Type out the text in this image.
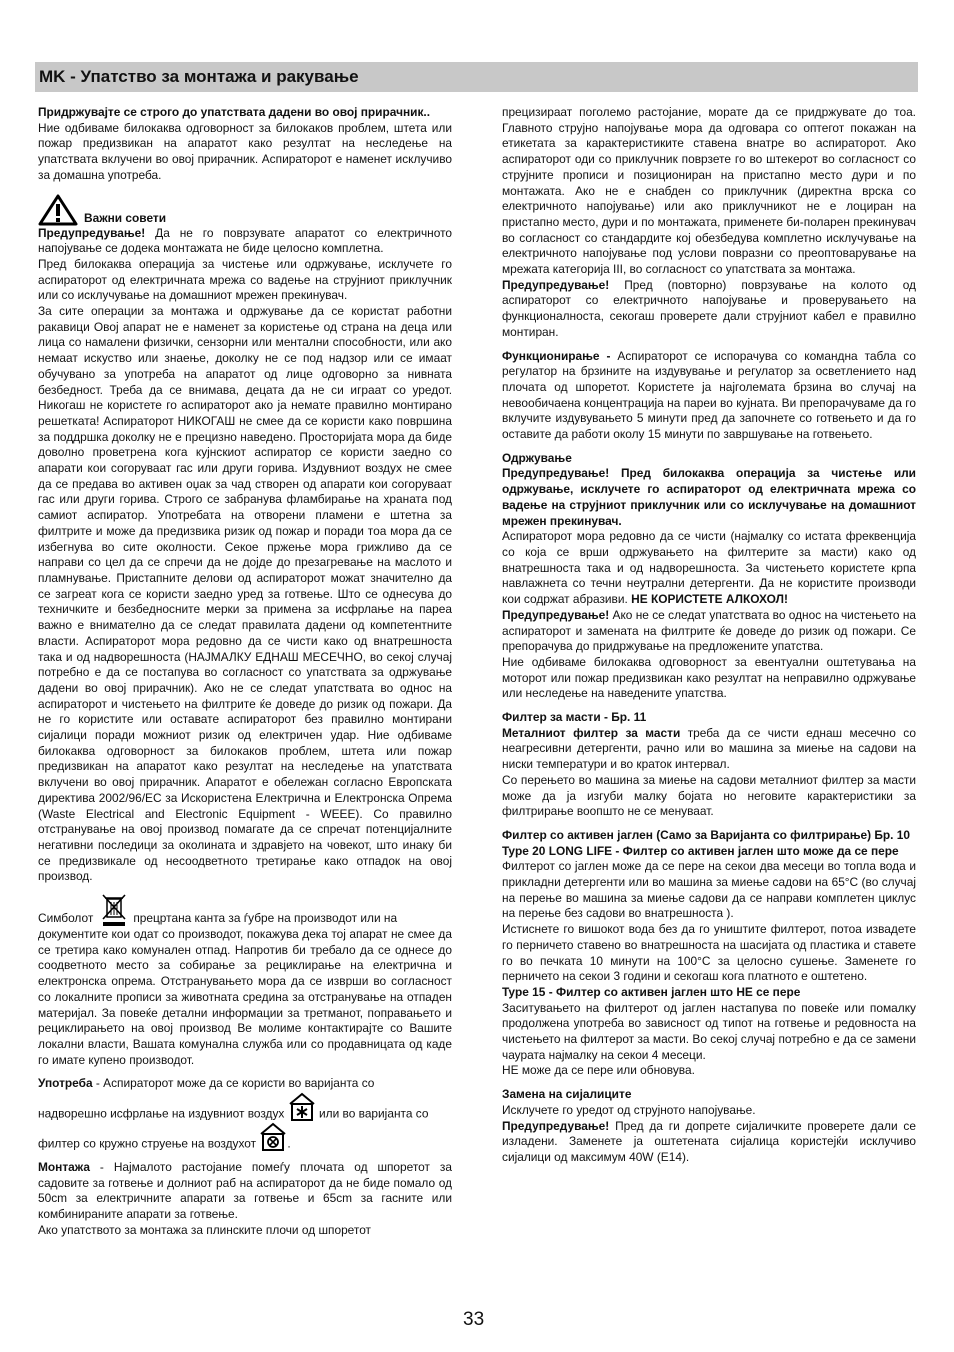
MK - Упатство за монтажа и ракување

Придржувајте се строго до упатствата дадени во овој прирачник..
Ние одбиваме билокаква одговорност за билокаков проблем, штета или пожар предизвикан на апаратот како резултат на неследење на упатствата вклучени во овој прирачник. Аспираторот е наменет исклучиво за домашна употреба.

Важни совети

Предупредување! Да не го поврзувате апаратот со електричното напојување се додека монтажата не биде целосно комплетна.

Пред билокаква операција за чистење или одржување, исклучете го аспираторот од електричната мрежа со вадење на струјниот приклучник или со исклучување на домашниот мрежен прекинувач.

За сите операции за монтажа и одржување да се користат работни ракавици Овој апарат не е наменет за користење од страна на деца или лица со намалени физички, сензорни или ментални способности, или ако немаат искуство или знаење, доколку не се под надзор или се имаат обучувано за употреба на апаратот од лице одговорно за нивната безбедност. Треба да се внимава, децата да не си играат со уредот. Никогаш не користете го аспираторот ако ја немате правилно монтирано решетката! Аспираторот НИКОГАШ не смее да се користи како површина за поддршка доколку не е прецизно наведено. Просторијата мора да биде доволно проветрена кога кујнскиот аспиратор се користи заедно со апарати кои согоруваат гас или други горива. Издувниот воздух не смее да се предава во активен оџак за чад створен од апарати кои согоруваат гас или други горива. Строго се забранува фламбирање на храната под самиот аспиратор. Употребата на отворени пламени е штетна за филтрите и може да предизвика ризик од пожар и поради тоа мора да се избегнува во сите околности. Секое пржење мора грижливо да се направи со цел да се спречи да не дојде до презагревање на маслото и пламнување. Пристапните делови од аспираторот можат значително да се загреат кога се користи заедно уред за готвење. Што се однесува до техничките и безбедносните мерки за примена за исфрлање на пареа важно е внимателно да се следат правилата дадени од компетентните власти. Аспираторот мора редовно да се чисти како од внатрешноста така и од надворешноста (НАЈМАЛКУ ЕДНАШ МЕСЕЧНО, во секој случај потребно е да се постапува во согласност со упатствата за одржување дадени во овој прирачник). Ако не се следат упатствата во однос на аспираторот и чистењето на филтрите ќе доведе до ризик од пожари. Да не го користите или оставате аспираторот без правилно монтирани сијалици поради можниот ризик од електричен удар. Ние одбиваме билокаква одговорност за билокаков проблем, штета или пожар предизвикан на апаратот како резултат на неследење на упатствата вклучени во овој прирачник. Апаратот е обележан согласно Европската директива 2002/96/EC за Искористена Електрична и Електронска Опрема (Waste Electrical and Electronic Equipment - WEEE). Со правилно отстранување на овој производ помагате да се спречат потенцијалните негативни последици за околината и здравјето на човекот, што инаку би се предизвикале од несоодветното третирање како отпадок на овој производ.

Симболот	прецртана канта за ѓубре на производот или на

документите кои одат со производот, покажува дека тој апарат не смее да се третира како комунален отпад. Напротив би требало да се однесе до соодветното место за собирање за рециклирање на електрична и електронска опрема. Отстранувањето мора да се изврши во согласност со локалните прописи за животната средина за отстранување на отпаден материјал. За повеќе детални информации за третманот, поправањето и рециклирањето на овој производ Ве молиме контактирајте со Вашите локални власти, Вашата комунална служба или со продавницата од каде го имате купено производот.

Употреба - Аспираторот може да се користи во варијанта со

надворешно исфрлање на издувниот воздух	или во варијанта со

филтер со кружно струење на воздухот	.

Монтажа - Најмалото растојание помеѓу плочата од шпоретот за садовите за готвење и долниот раб на аспираторот да не биде помало од 50cm за електричните апарати за готвење и 65cm за гасните или комбинираните апарати за готвење.

Ако упатството за монтажа за плинските плочи од шпоретот

прецизираат поголемо растојание, морате да се придржувате до тоа. Главното струјно напојување мора да одговара со оптегот покажан на етикетата за карактеристиките ставена внатре во аспираторот. Ако аспираторот оди со приклучник поврзете го во штекерот во согласност со струјните прописи и позициониран на пристапно место дури и по монтажата. Ако не е снабден со приклучник (директна врска со електричното напојување) или ако приклучникот не е лоциран на пристапно место, дури и по монтажата, применете би-поларен прекинувач во согласност со стандардите кој обезбедува комплетно исклучување на електричното напојување под услови повразни со преоптоварување на мрежата категорија III, во согласност со упатствата за монтажа.

Предупредување! Пред (повторно) поврзување на колото од аспираторот со електричното напојување и проверувањето на функционалноста, секогаш проверете дали струјниот кабел е правилно монтиран.

Функционирање - Аспираторот се испорачува со командна табла со регулатор на брзините на издувување и регулатор за осветлението над плочата од шпоретот. Користете ја најголемата брзина во случај на невообичаена концентрација на пареи во кујната. Ви препорачуваме да го вклучите издувувањето 5 минути пред да започнете со готвењето и да го оставите да работи околу 15 минути по завршување на готвењето.

Одржување

Предупредување! Пред билокаква операција за чистење или одржување, исклучете го аспираторот од електричната мрежа со вадење на струјниот приклучник или со исклучување на домашниот мрежен прекинувач.

Аспираторот мора редовно да се чисти (најмалку со истата фреквенција со која се врши одржувањето на филтерите за масти) како од внатрешноста така и од надворешноста. За чистењето користете крпа навлажнета со течни неутрални детергенти. Да не користите производи кои содржат абразиви. НЕ КОРИСТЕТЕ АЛКОХОЛ!

Предупредување! Ако не се следат упатствата во однос на чистењето на аспираторот и замената на филтрите ќе доведе до ризик од пожари. Се препорачува до придржување на предложените упатства.

Ние одбиваме билокаква одговорност за евентуални оштетувања на моторот или пожар предизвикан како резултат на неправилно одржување или неследење на наведените упатства.

Филтер за масти - Бр. 11

Металниот филтер за масти треба да се чисти еднаш месечно со неагресивни детергенти, рачно или во машина за миење на садови на ниски температури и во краток интервал.

Со перењето во машина за миење на садови металниот филтер за масти може да ја изгуби малку бојата но неговите карактеристики за филтрирање воопшто не се менуваат.

Филтер со активен јаглен (Само за Варијанта со филтрирање) Бр. 10

Type 20 LONG LIFE - Филтер со активен јаглен што може да се пере

Филтерот со јаглен може да се пере на секои два месеци во топла вода и прикладни детергенти или во машина за миење садови на 65°C (во случај на перење во машина за миење садови да се направи комплетен циклус на перење без садови во внатрешноста ).

Истиснете го вишокот вода без да го уништите филтерот, потоа извадете го перничето ставено во внатрешноста на шасијата од пластика и ставете го во печката 10 минути на 100°C за целосно сушење. Заменете го перничето на секои 3 години и секогаш кога платното е оштетено.

Type 15 - Филтер со активен јаглен што НЕ се пере

Заситувањето на филтерот од јаглен настапува по повеќе или помалку продолжена употреба во зависност од типот на готвење и редовноста на чистењето на филтерот за масти. Во секој случај потребно е да се замени чаурата најмалку на секои 4 месеци.

НЕ може да се пере или обновува.

Замена на сијалиците

Исклучете го уредот од струјното напојување.

Предупредување! Пред да ги допрете сијаличките проверете дали се изладени. Заменете ја оштетената сијалица користејќи исклучиво сијалици од максимум 40W (E14).

33
